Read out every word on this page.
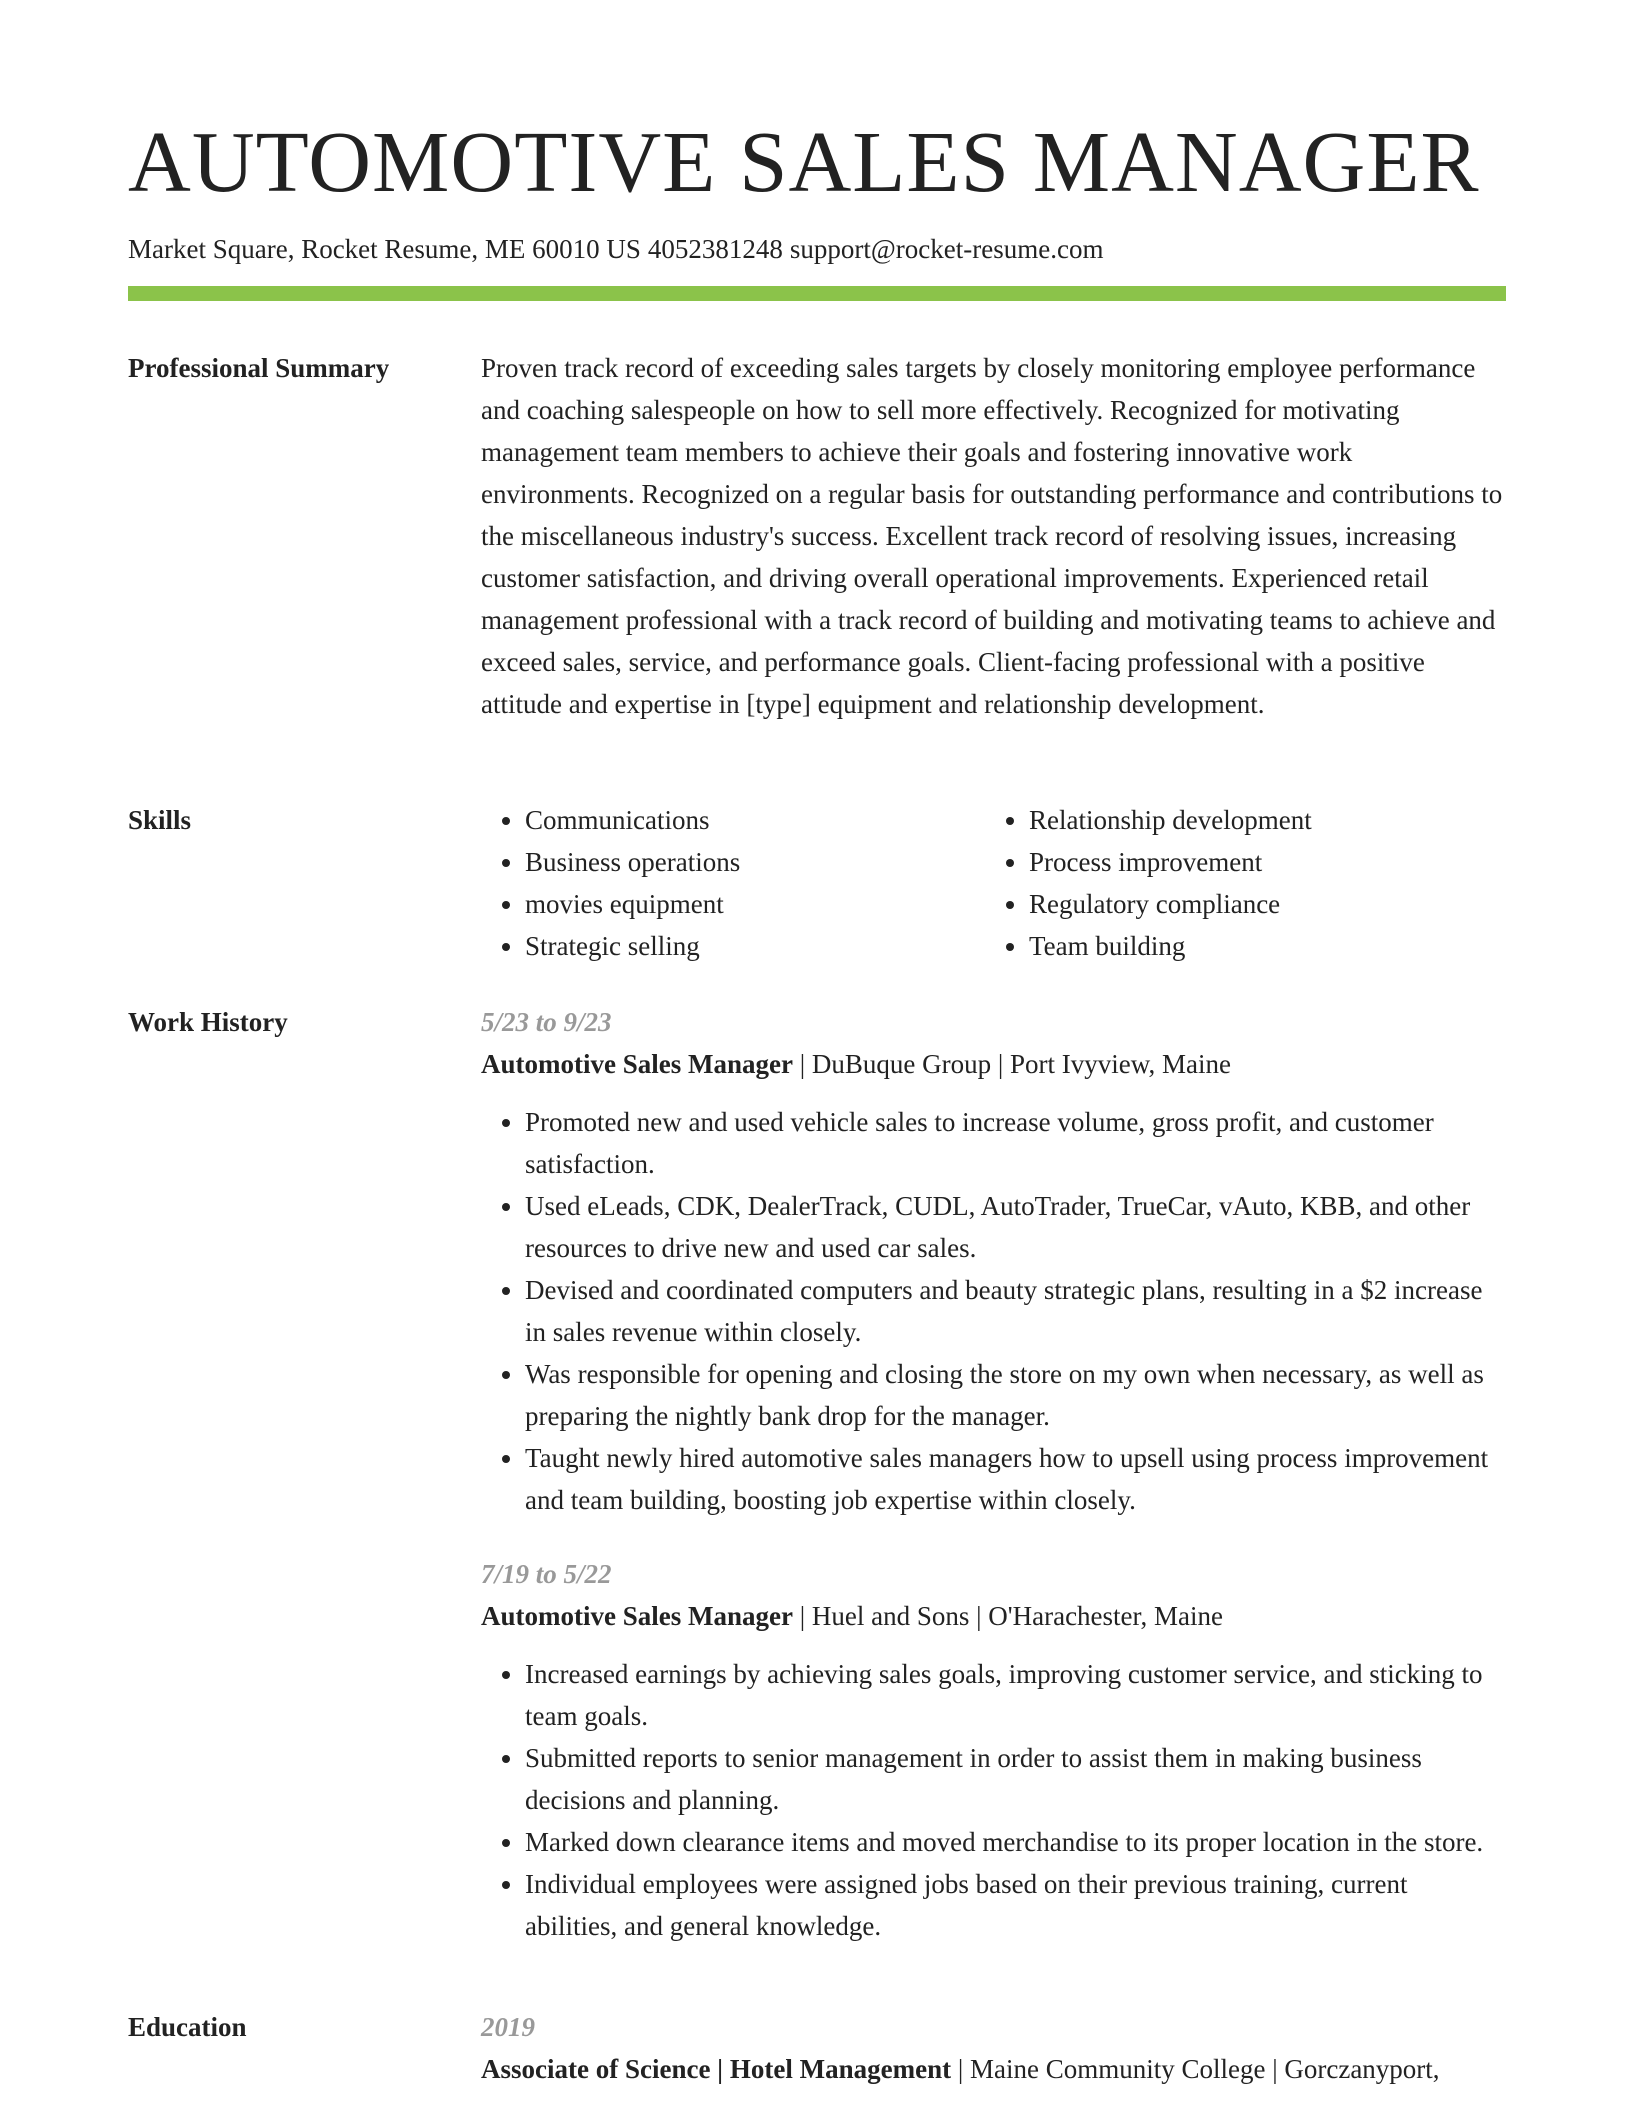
AUTOMOTIVE SALES MANAGER
Market Square, Rocket Resume, ME 60010 US 4052381248 support@rocket-resume.com
Professional Summary	Proven track record of exceeding sales targets by closely monitoring employee performance and coaching salespeople on how to sell more effectively. Recognized for motivating management team members to achieve their goals and fostering innovative work environments. Recognized on a regular basis for outstanding performance and contributions to the miscellaneous industry's success. Excellent track record of resolving issues, increasing customer satisfaction, and driving overall operational improvements. Experienced retail management professional with a track record of building and motivating teams to achieve and exceed sales, service, and performance goals. Client-facing professional with a positive attitude and expertise in [type] equipment and relationship development.

Skills
•	Communications
• Business operations
• movies equipment
• Strategic selling
• Relationship development
• Process improvement
• Regulatory compliance
• Team building
Work History	5/23 to 9/23
Automotive Sales Manager | DuBuque Group | Port Ivyview, Maine
• Promoted new and used vehicle sales to increase volume, gross profit, and customer satisfaction.
• Used eLeads, CDK, DealerTrack, CUDL, AutoTrader, TrueCar, vAuto, KBB, and other resources to drive new and used car sales.
• Devised and coordinated computers and beauty strategic plans, resulting in a $2 increase in sales revenue within closely.
• Was responsible for opening and closing the store on my own when necessary, as well as preparing the nightly bank drop for the manager.
• Taught newly hired automotive sales managers how to upsell using process improvement and team building, boosting job expertise within closely.
7/19 to 5/22
Automotive Sales Manager | Huel and Sons | O'Harachester, Maine
• Increased earnings by achieving sales goals, improving customer service, and sticking to team goals.
• Submitted reports to senior management in order to assist them in making business decisions and planning.
• Marked down clearance items and moved merchandise to its proper location in the store.
• Individual employees were assigned jobs based on their previous training, current abilities, and general knowledge.
Education	2019
Associate of Science | Hotel Management | Maine Community College | Gorczanyport,
